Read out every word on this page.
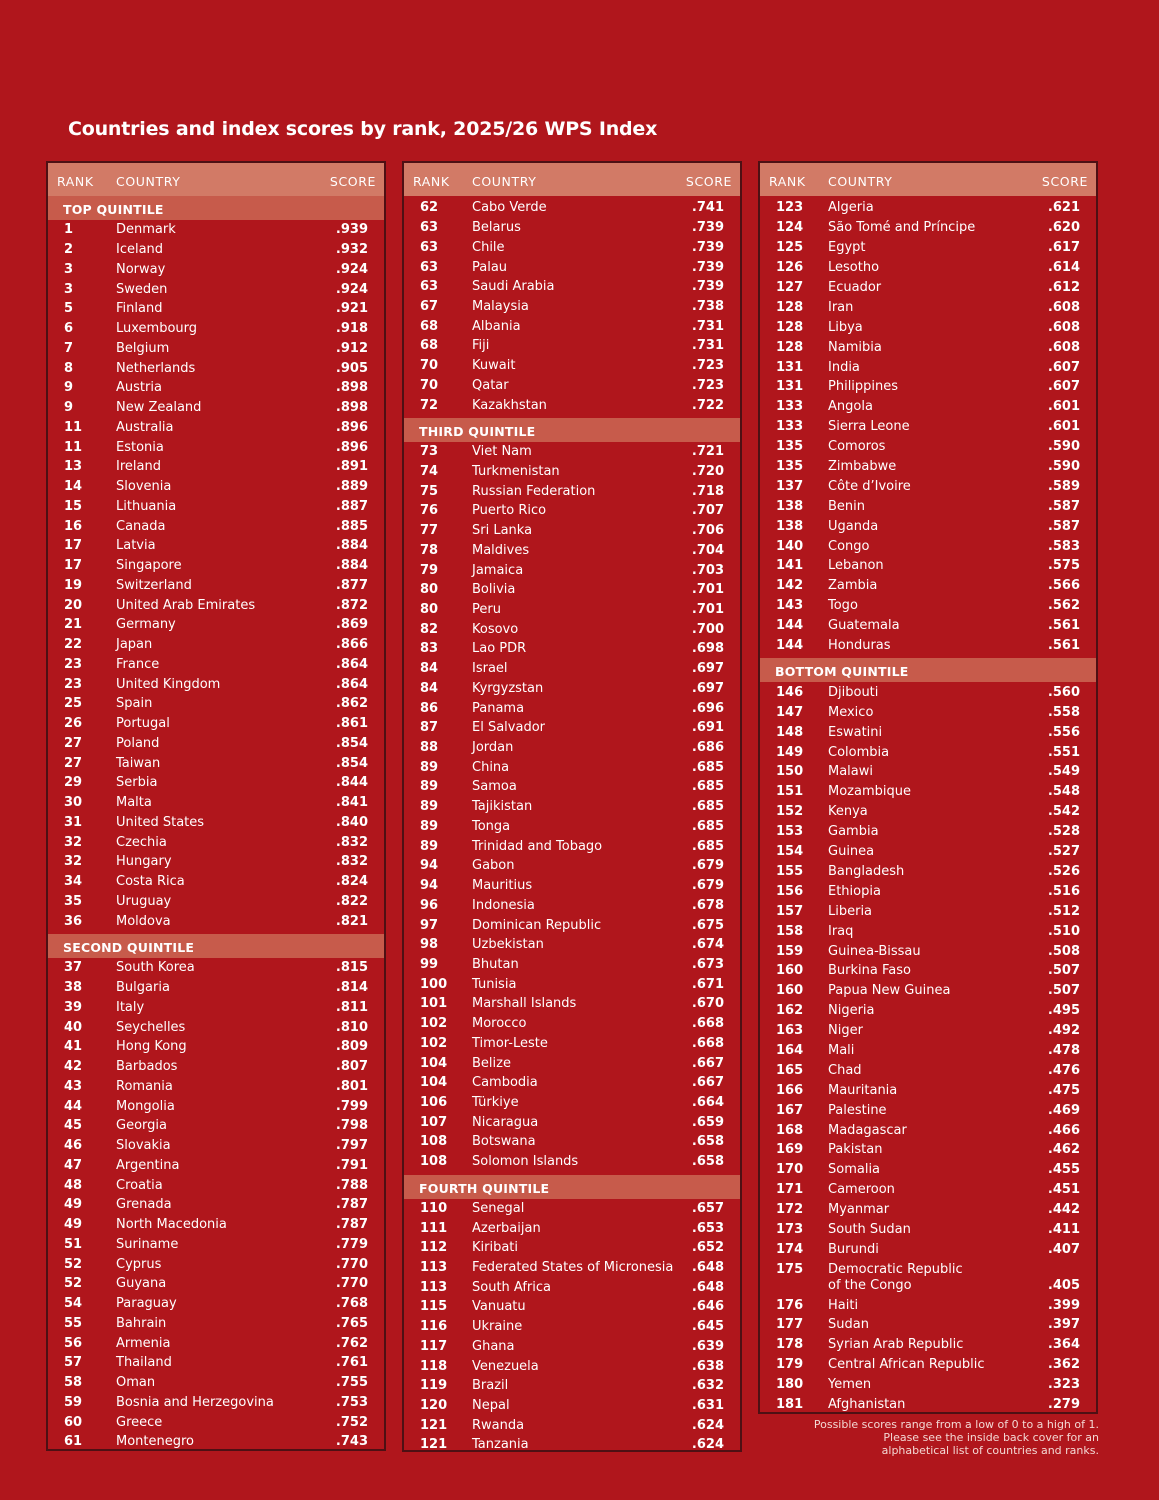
Countries and index scores by rank, 2025/26 WPS Index
RANK COUNTRY	SCORE
TOP QUINTILE
1	Denmark	.939
2	Iceland	.932
3	Norway	.924
3	Sweden	.924
5	Finland	.921
6	Luxembourg	.918
7	Belgium	.912
8	Netherlands	.905
9	Austria	.898
9	New Zealand	.898
11	Australia	.896
11	Estonia	.896
13	Ireland	.891
14	Slovenia	.889
15	Lithuania	.887
16	Canada	.885
17	Latvia	.884
17	Singapore	.884
19	Switzerland	.877
20	United Arab Emirates	.872
21	Germany	.869
22	Japan	.866
23	France	.864
23	United Kingdom	.864
25	Spain	.862
26	Portugal	.861
27	Poland	.854
27	Taiwan	.854
29	Serbia	.844
30	Malta	.841
31	United States	.840
32	Czechia	.832
32	Hungary	.832
34	Costa Rica	.824
35	Uruguay	.822
36	Moldova	.821
SECOND QUINTILE
37	South Korea	.815
38	Bulgaria	.814
39	Italy	.811
40	Seychelles	.810
41	Hong Kong	.809
42	Barbados	.807
43	Romania	.801
44	Mongolia	.799
45	Georgia	.798
46	Slovakia	.797
47	Argentina	.791
48	Croatia	.788
49	Grenada	.787
49	North Macedonia	.787
51	Suriname	.779
52	Cyprus	.770
52	Guyana	.770
54	Paraguay	.768
55	Bahrain	.765
56	Armenia	.762
57	Thailand	.761
58	Oman	.755
59	Bosnia and Herzegovina	.753
60	Greece	.752
61	Montenegro	.743
RANK COUNTRY	SCORE
62	Cabo Verde	.741
63	Belarus	.739
63	Chile	.739
63	Palau	.739
63	Saudi Arabia	.739
67	Malaysia	.738
68	Albania	.731
68	Fiji	.731
70	Kuwait	.723
70	Qatar	.723
72	Kazakhstan	.722
THIRD QUINTILE
73	Viet Nam	.721
74	Turkmenistan	.720
75	Russian Federation	.718
76	Puerto Rico	.707
77	Sri Lanka	.706
78	Maldives	.704
79	Jamaica	.703
80	Bolivia	.701
80	Peru	.701
82	Kosovo	.700
83	Lao PDR	.698
84	Israel	.697
84	Kyrgyzstan	.697
86	Panama	.696
87	El Salvador	.691
88	Jordan	.686
89	China	.685
89	Samoa	.685
89	Tajikistan	.685
89	Tonga	.685
89	Trinidad and Tobago	.685
94	Gabon	.679
94	Mauritius	.679
96	Indonesia	.678
97	Dominican Republic	.675
98	Uzbekistan	.674
99	Bhutan	.673
100 Tunisia	.671
101 Marshall Islands	.670
102 Morocco	.668
102 Timor-Leste	.668
104 Belize	.667
104 Cambodia	.667
106 Türkiye	.664
107 Nicaragua	.659
108 Botswana	.658
108 Solomon Islands	.658
FOURTH QUINTILE
110 Senegal	.657
111 Azerbaijan	.653
112 Kiribati	.652
113 Federated States of Micronesia .648
113 South Africa	.648
115 Vanuatu	.646
116 Ukraine	.645
117 Ghana	.639
118 Venezuela	.638
119 Brazil	.632
120 Nepal	.631
121 Rwanda	.624
121 Tanzania	.624
RANK COUNTRY	SCORE
123 Algeria	.621
124 São Tomé and Príncipe	.620
125 Egypt	.617
126 Lesotho	.614
127 Ecuador	.612
128 Iran	.608
128 Libya	.608
128 Namibia	.608
131 India	.607
131 Philippines	.607
133 Angola	.601
133 Sierra Leone	.601
135 Comoros	.590
135 Zimbabwe	.590
137 Côte d’Ivoire	.589
138 Benin	.587
138 Uganda	.587
140 Congo	.583
141 Lebanon	.575
142 Zambia	.566
143 Togo	.562
144 Guatemala	.561
144 Honduras	.561
BOTTOM QUINTILE
146 Djibouti	.560
147 Mexico	.558
148 Eswatini	.556
149 Colombia	.551
150 Malawi	.549
151 Mozambique	.548
152 Kenya	.542
153 Gambia	.528
154 Guinea	.527
155 Bangladesh	.526
156 Ethiopia	.516
157 Liberia	.512
158 Iraq	.510
159 Guinea-Bissau	.508
160 Burkina Faso	.507
160 Papua New Guinea	.507
162 Nigeria	.495
163 Niger	.492
164 Mali	.478
165 Chad	.476
166 Mauritania	.475
167 Palestine	.469
168 Madagascar	.466
169 Pakistan	.462
170 Somalia	.455
171 Cameroon	.451
172 Myanmar	.442
173 South Sudan	.411
174 Burundi	.407
175 Democratic Republic
of the Congo	.405
176 Haiti	.399
177 Sudan	.397
178 Syrian Arab Republic	.364
179 Central African Republic	.362
180 Yemen	.323
181 Afghanistan	.279
Possible scores range from a low of 0 to a high of 1.
Please see the inside back cover for an
alphabetical list of countries and ranks.
